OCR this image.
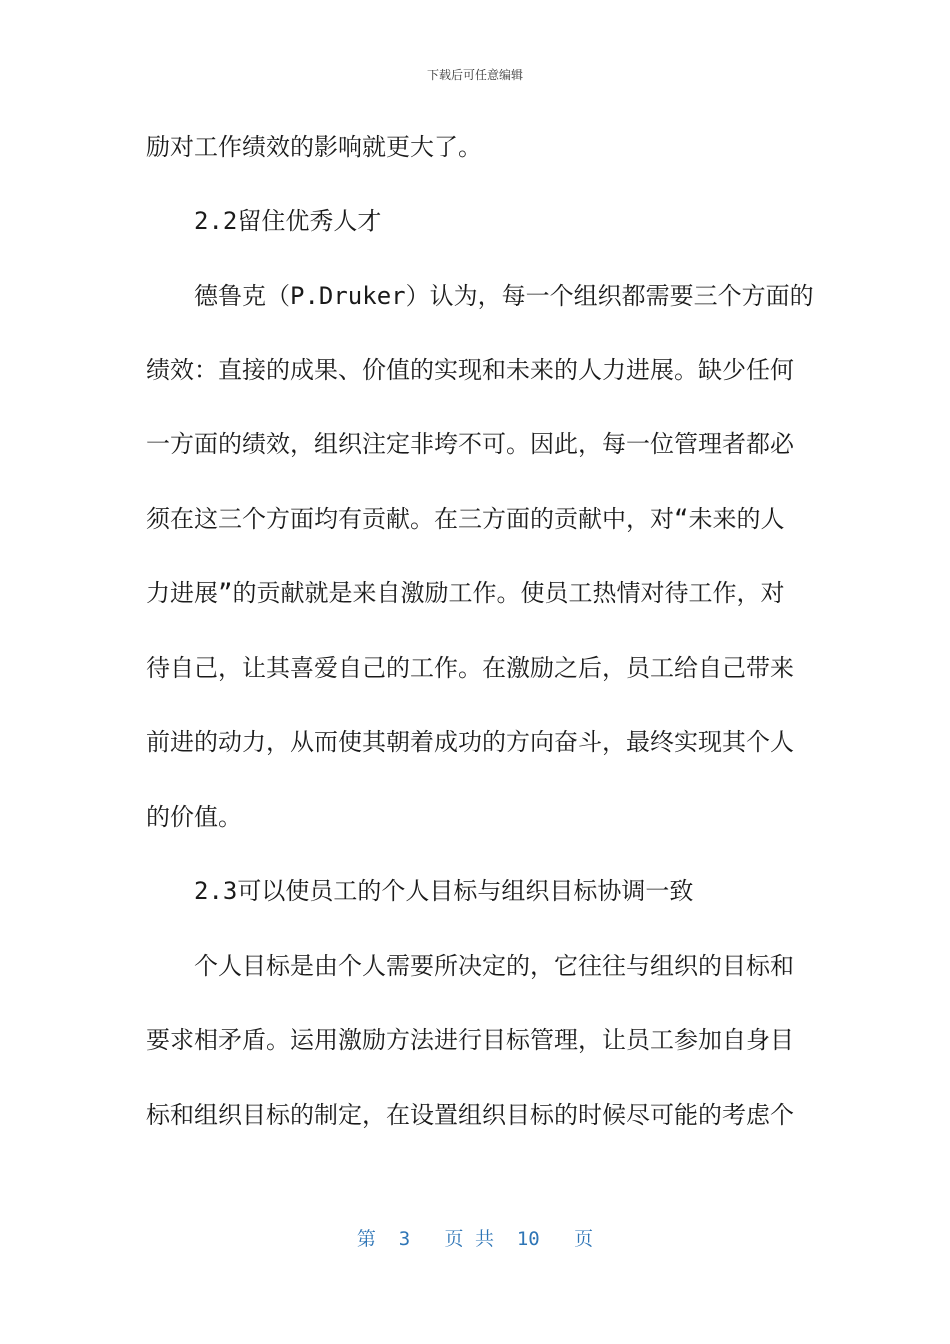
下载后可任意编辑
励对工作绩效的影响就更大了。
2.2留住优秀人才
德鲁克（P.Druker）认为，每一个组织都需要三个方面的
绩效：直接的成果、价值的实现和未来的人力进展。缺少任何
一方面的绩效，组织注定非垮不可。因此，每一位管理者都必
须在这三个方面均有贡献。在三方面的贡献中，对“未来的人
力进展”的贡献就是来自激励工作。使员工热情对待工作，对
待自己，让其喜爱自己的工作。在激励之后，员工给自己带来
前进的动力，从而使其朝着成功的方向奋斗，最终实现其个人
的价值。
2.3可以使员工的个人目标与组织目标协调一致
个人目标是由个人需要所决定的，它往往与组织的目标和
要求相矛盾。运用激励方法进行目标管理，让员工参加自身目
标和组织目标的制定，在设置组织目标的时候尽可能的考虑个
第  3   页 共  10   页
